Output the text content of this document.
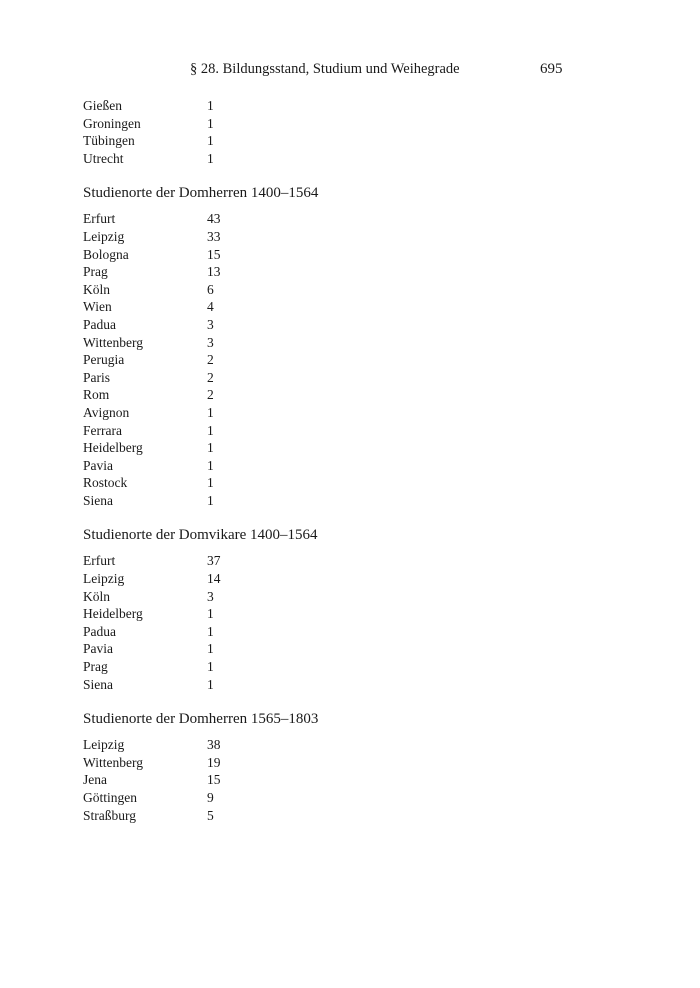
§ 28. Bildungsstand, Studium und Weihegrade	695
Gießen	1
Groningen	1
Tübingen	1
Utrecht	1
Studienorte der Domherren 1400–1564
Erfurt	43
Leipzig	33
Bologna	15
Prag	13
Köln	6
Wien	4
Padua	3
Wittenberg	3
Perugia	2
Paris	2
Rom	2
Avignon	1
Ferrara	1
Heidelberg	1
Pavia	1
Rostock	1
Siena	1
Studienorte der Domvikare 1400–1564
Erfurt	37
Leipzig	14
Köln	3
Heidelberg	1
Padua	1
Pavia	1
Prag	1
Siena	1
Studienorte der Domherren 1565–1803
Leipzig	38
Wittenberg	19
Jena	15
Göttingen	9
Straßburg	5
